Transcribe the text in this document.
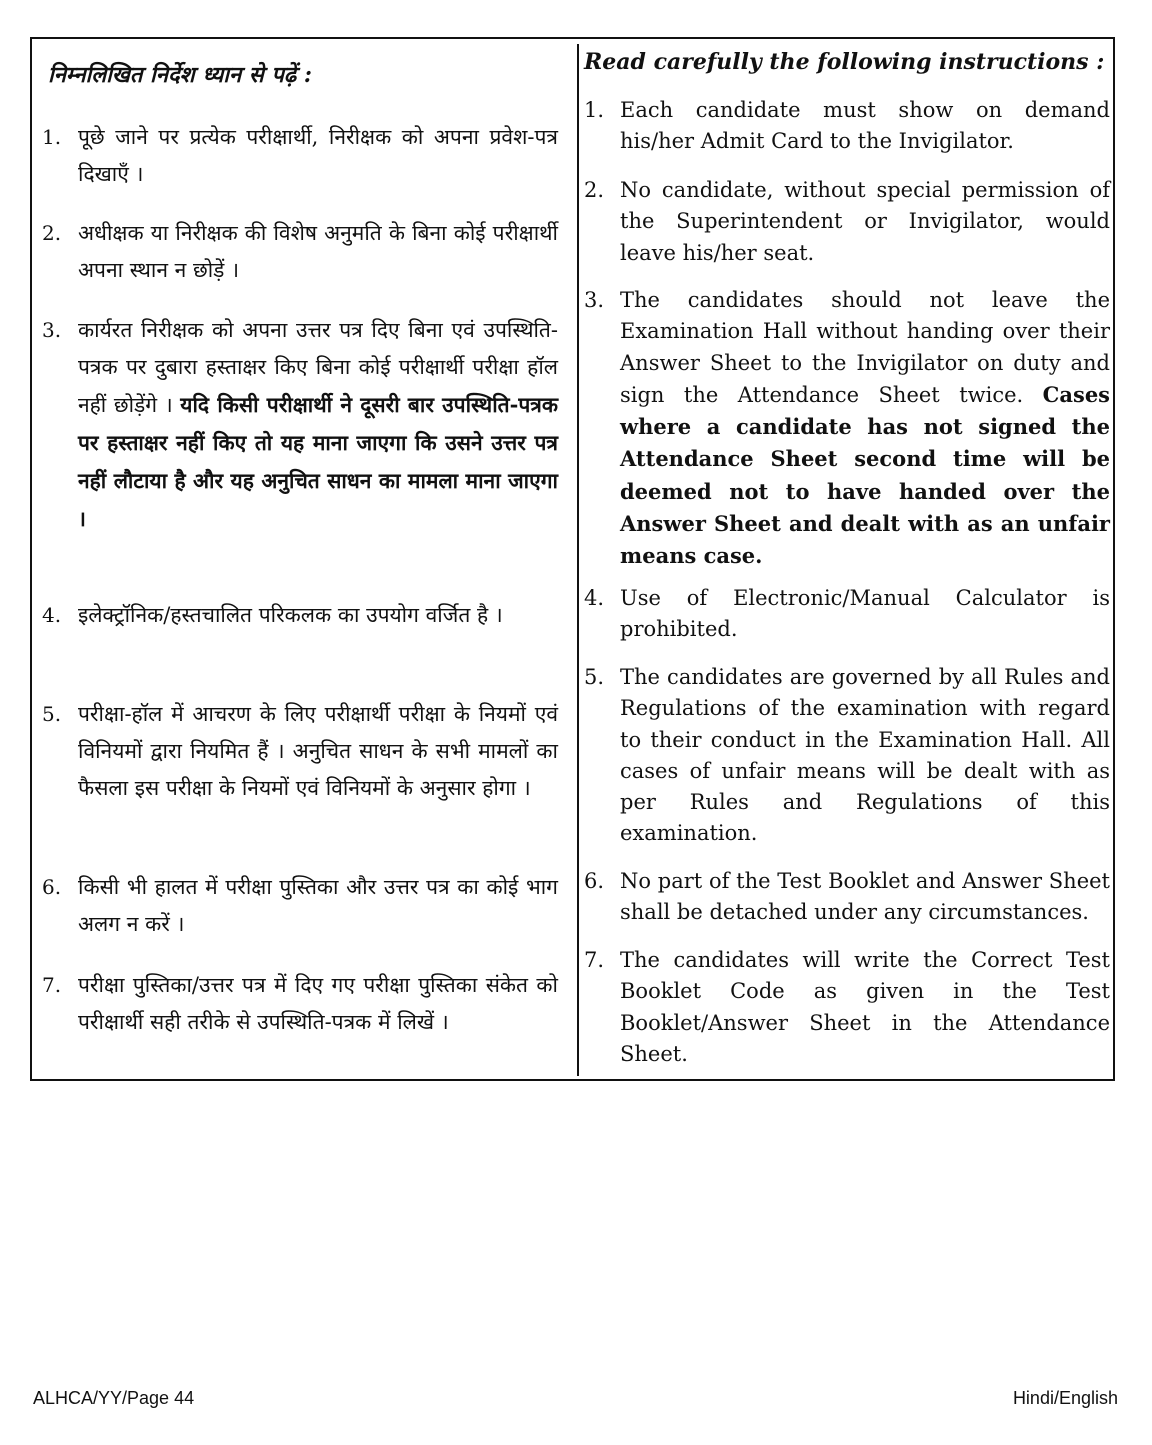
निम्नलिखित निर्देश ध्यान से पढ़ें :
1. पूछे जाने पर प्रत्येक परीक्षार्थी, निरीक्षक को अपना प्रवेश-पत्र दिखाएँ ।
2. अधीक्षक या निरीक्षक की विशेष अनुमति के बिना कोई परीक्षार्थी अपना स्थान न छोड़ें ।
3. कार्यरत निरीक्षक को अपना उत्तर पत्र दिए बिना एवं उपस्थिति-पत्रक पर दुबारा हस्ताक्षर किए बिना कोई परीक्षार्थी परीक्षा हॉल नहीं छोड़ेंगे । यदि किसी परीक्षार्थी ने दूसरी बार उपस्थिति-पत्रक पर हस्ताक्षर नहीं किए तो यह माना जाएगा कि उसने उत्तर पत्र नहीं लौटाया है और यह अनुचित साधन का मामला माना जाएगा ।
4. इलेक्ट्रॉनिक/हस्तचालित परिकलक का उपयोग वर्जित है ।
5. परीक्षा-हॉल में आचरण के लिए परीक्षार्थी परीक्षा के नियमों एवं विनियमों द्वारा नियमित हैं । अनुचित साधन के सभी मामलों का फैसला इस परीक्षा के नियमों एवं विनियमों के अनुसार होगा ।
6. किसी भी हालत में परीक्षा पुस्तिका और उत्तर पत्र का कोई भाग अलग न करें ।
7. परीक्षा पुस्तिका/उत्तर पत्र में दिए गए परीक्षा पुस्तिका संकेत को परीक्षार्थी सही तरीके से उपस्थिति-पत्रक में लिखें ।
Read carefully the following instructions :
1. Each candidate must show on demand his/her Admit Card to the Invigilator.
2. No candidate, without special permission of the Superintendent or Invigilator, would leave his/her seat.
3. The candidates should not leave the Examination Hall without handing over their Answer Sheet to the Invigilator on duty and sign the Attendance Sheet twice. Cases where a candidate has not signed the Attendance Sheet second time will be deemed not to have handed over the Answer Sheet and dealt with as an unfair means case.
4. Use of Electronic/Manual Calculator is prohibited.
5. The candidates are governed by all Rules and Regulations of the examination with regard to their conduct in the Examination Hall. All cases of unfair means will be dealt with as per Rules and Regulations of this examination.
6. No part of the Test Booklet and Answer Sheet shall be detached under any circumstances.
7. The candidates will write the Correct Test Booklet Code as given in the Test Booklet/Answer Sheet in the Attendance Sheet.
ALHCA/YY/Page 44	Hindi/English
